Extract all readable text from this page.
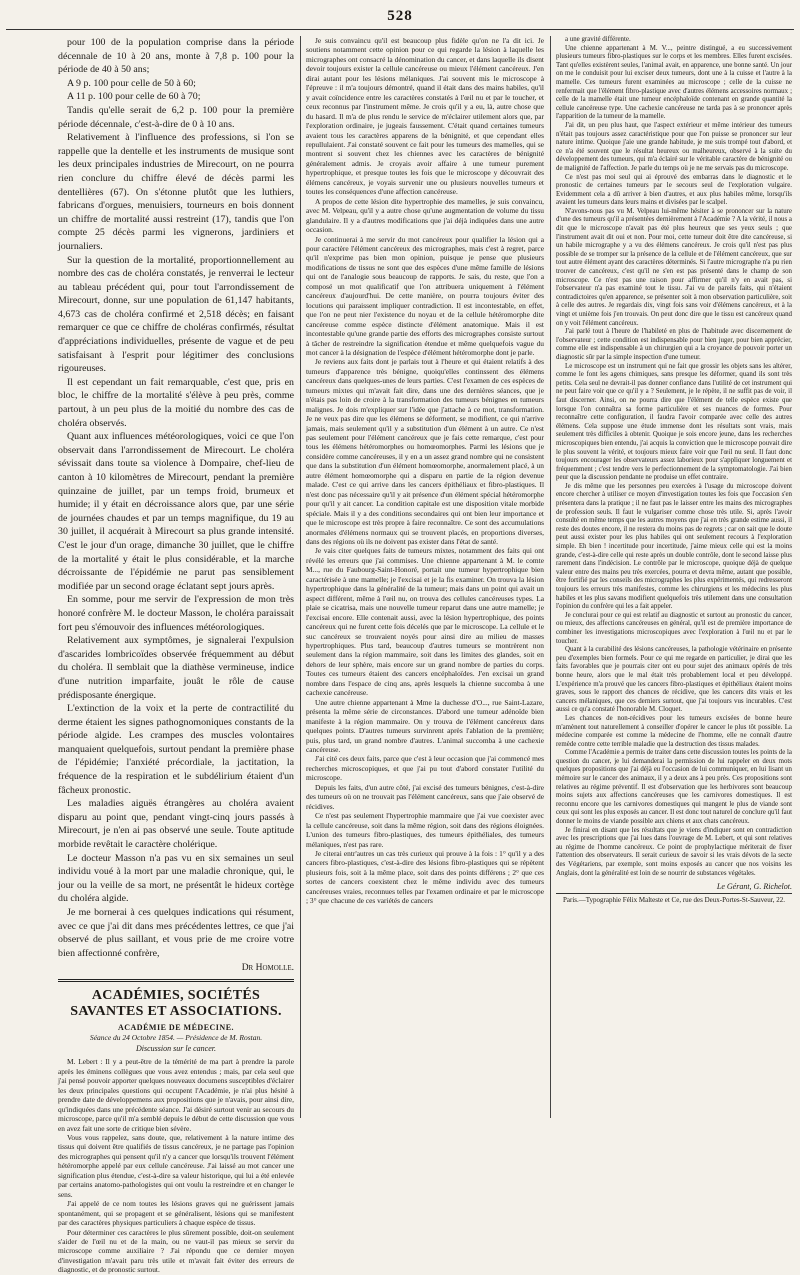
528

pour 100 de la population comprise dans la période décennale de 10 à 20 ans, monte à 7,8 p. 100 pour la période de 40 à 50 ans;

A 9 p. 100 pour celle de 50 à 60;

A 11 p. 100 pour celle de 60 à 70;

Tandis qu'elle serait de 6,2 p. 100 pour la première période décennale, c'est-à-dire de 0 à 10 ans.

Relativement à l'influence des professions, si l'on se rappelle que la dentelle et les instruments de musique sont les deux principales industries de Mirecourt, on ne pourra rien conclure du chiffre élevé de décès parmi les dentellières (67). On s'étonne plutôt que les luthiers, fabricans d'orgues, menuisiers, tourneurs en bois donnent un chiffre de mortalité aussi restreint (17), tandis que l'on compte 25 décès parmi les vignerons, jardiniers et journaliers.

Sur la question de la mortalité, proportionnellement au nombre des cas de choléra constatés, je renverrai le lecteur au tableau précédent qui, pour tout l'arrondissement de Mirecourt, donne, sur une population de 61,147 habitants, 4,673 cas de choléra confirmé et 2,518 décès; en faisant remarquer ce que ce chiffre de choléras confirmés, résultat d'appréciations individuelles, présente de vague et de peu satisfaisant à l'esprit pour légitimer des conclusions rigoureuses.

Il est cependant un fait remarquable, c'est que, pris en bloc, le chiffre de la mortalité s'élève à peu près, comme partout, à un peu plus de la moitié du nombre des cas de choléra observés.

Quant aux influences météorologiques, voici ce que l'on observait dans l'arrondissement de Mirecourt. Le choléra sévissait dans toute sa violence à Dompaire, chef-lieu de canton à 10 kilomètres de Mirecourt, pendant la première quinzaine de juillet, par un temps froid, brumeux et humide; il y était en décroissance alors que, par une série de journées chaudes et par un temps magnifique, du 19 au 30 juillet, il acquérait à Mirecourt sa plus grande intensité. C'est le jour d'un orage, dimanche 30 juillet, que le chiffre de la mortalité y était le plus considérable, et la marche décroissante de l'épidémie ne parut pas sensiblement modifiée par un second orage éclatant sept jours après.

En somme, pour me servir de l'expression de mon très honoré confrère M. le docteur Masson, le choléra paraissait fort peu s'émouvoir des influences météorologiques.

Relativement aux symptômes, je signalerai l'expulsion d'ascarides lombricoïdes observée fréquemment au début du choléra. Il semblait que la diathèse vermineuse, indice d'une nutrition imparfaite, jouât le rôle de cause prédisposante énergique.

L'extinction de la voix et la perte de contractilité du derme étaient les signes pathognomoniques constants de la période algide. Les crampes des muscles volontaires manquaient quelquefois, surtout pendant la première phase de l'épidémie; l'anxiété précordiale, la jactitation, la fréquence de la respiration et le subdélirium étaient d'un fâcheux pronostic.

Les maladies aiguës étrangères au choléra avaient disparu au point que, pendant vingt-cinq jours passés à Mirecourt, je n'en ai pas observé une seule. Toute aptitude morbide revêtait le caractère cholérique.

Le docteur Masson n'a pas vu en six semaines un seul individu voué à la mort par une maladie chronique, qui, le jour ou la veille de sa mort, ne présentât le hideux cortège du choléra algide.

Je me bornerai à ces quelques indications qui résument, avec ce que j'ai dit dans mes précédentes lettres, ce que j'ai observé de plus saillant, et vous prie de me croire votre bien affectionné confrère,

Dr Homolle.
ACADÉMIES, SOCIÉTÉS SAVANTES ET ASSOCIATIONS.
ACADÉMIE DE MÉDECINE.
Séance du 24 Octobre 1854. — Présidence de M. Rostan.
Discussion sur le cancer.

M. Lebert : Il y a peut-être de la témérité de ma part à prendre la parole après les éminens collègues que vous avez entendus ; mais, par cela seul que j'ai pensé pouvoir apporter quelques nouveaux documens susceptibles d'éclairer les deux principales questions qui occupent l'Académie, je n'ai plus hésité à prendre date de développemens aux propositions que je n'avais, pour ainsi dire, qu'indiquées dans une précédente séance. J'ai désiré surtout venir au secours du microscope, parce qu'il m'a semblé depuis le début de cette discussion que vous en avez fait une sorte de critique bien sévère.

Vous vous rappelez, sans doute, que, relativement à la nature intime des tissus qui doivent être qualifiés de tissus cancéreux, je ne partage pas l'opinion des micrographes qui pensent qu'il n'y a cancer que lorsqu'ils trouvent l'élément hétéromorphe appelé par eux cellule cancéreuse. J'ai laissé au mot cancer une signification plus étendue, c'est-à-dire sa valeur historique, qui lui a été enlevée par certains anatomo-pathologistes qui ont voulu la restreindre et en changer le sens.

J'ai appelé de ce nom toutes les lésions graves qui ne guérissent jamais spontanément, qui se propagent et se généralisent, lésions qui se manifestent par des caractères physiques particuliers à chaque espèce de tissus.

Pour déterminer ces caractères le plus sûrement possible, doit-on seulement s'aider de l'œil nu et de la main, ou ne vaut-il pas mieux se servir du microscope comme auxiliaire ? J'ai répondu que ce dernier moyen d'investigation m'avait paru très utile et m'avait fait éviter des erreurs de diagnostic, et de pronostic surtout.

Je suis convaincu qu'il est beaucoup plus fidèle qu'on ne l'a dit ici. Je soutiens notamment cette opinion pour ce qui regarde la lésion à laquelle les micrographes ont consacré la dénomination du cancer, et dans laquelle ils disent devoir toujours exister la cellule cancéreuse ou mieux l'élément cancéreux. J'en dirai autant pour les lésions mélaniques. J'ai souvent mis le microscope à l'épreuve : il m'a toujours démontré, quand il était dans des mains habiles, qu'il y avait coïncidence entre les caractères constatés à l'œil nu et par le toucher, et ceux reconnus par l'instrument même. Je crois qu'il y a eu, là, autre chose que du hasard. Il m'a de plus rendu le service de m'éclairer utilement alors que, par l'exploration ordinaire, je jugeais faussement. C'était quand certaines tumeurs avaient tous les caractères apparens de la bénignité, et que cependant elles repullulaient. J'ai constaté souvent ce fait pour les tumeurs des mamelles, qui se montrent si souvent chez les chiennes avec les caractères de bénignité généralement admis. Je croyais avoir affaire à une tumeur purement hypertrophique, et presque toutes les fois que le microscope y découvrait des élémens cancéreux, je voyais survenir une ou plusieurs nouvelles tumeurs et toutes les conséquences d'une affection cancéreuse.

A propos de cette lésion dite hypertrophie des mamelles, je suis convaincu, avec M. Velpeau, qu'il y a autre chose qu'une augmentation de volume du tissu glandulaire. Il y a d'autres modifications que j'ai déjà indiquées dans une autre occasion.

Je continuerai à me servir du mot cancéreux pour qualifier la lésion qui a pour caractère l'élément cancéreux des micrographes, mais c'est à regret, parce qu'il n'exprime pas bien mon opinion, puisque je pense que plusieurs modifications de tissus ne sont que des espèces d'une même famille de lésions qui ont de l'analogie sous beaucoup de rapports. Je sais, du reste, que l'on a composé un mot qualificatif que l'on attribuera uniquement à l'élément cancéreux d'aujourd'hui. De cette manière, on pourra toujours éviter des locutions qui paraissent impliquer contradiction. Il est incontestable, en effet, que l'on ne peut nier l'existence du noyau et de la cellule hétéromorphe dite cancéreuse comme espèce distincte d'élément anatomique. Mais il est incontestable qu'une grande partie des efforts des micrographes consiste surtout à tâcher de restreindre la signification étendue et même quelquefois vague du mot cancer à la désignation de l'espèce d'élément hétéromorphe dont je parle.

Je reviens aux faits dont je parlais tout à l'heure et qui étaient relatifs à des tumeurs d'apparence très bénigne, quoiqu'elles continssent des élémens cancéreux dans quelques-unes de leurs parties. C'est l'examen de ces espèces de tumeurs mixtes qui m'avait fait dire, dans une des dernières séances, que je n'étais pas loin de croire à la transformation des tumeurs bénignes en tumeurs malignes. Je dois m'expliquer sur l'idée que j'attache à ce mot, transformation. Je ne veux pas dire que les élémens se déforment, se modifient, ce qui n'arrive jamais, mais seulement qu'il y a substitution d'un élément à un autre. Ce n'est pas seulement pour l'élément cancéreux que je fais cette remarque, c'est pour tous les élémens hétéromorphes ou homœomorphes. Parmi les lésions que je considère comme cancéreuses, il y en a un assez grand nombre qui ne consistent que dans la substitution d'un élément homœomorphe, anormalement placé, à un autre élément homœomorphe qui a disparu en partie de la région devenue malade. C'est ce qui arrive dans les cancers épithéliaux et fibro-plastiques. Il n'est donc pas nécessaire qu'il y ait présence d'un élément spécial hétéromorphe pour qu'il y ait cancer. La condition capitale est une disposition vitale morbide spéciale. Mais il y a des conditions secondaires qui ont bien leur importance et que le microscope est très propre à faire reconnaître. Ce sont des accumulations anormales d'élémens normaux qui se trouvent placés, en proportions diverses, dans des régions où ils ne doivent pas exister dans l'état de santé.

Je vais citer quelques faits de tumeurs mixtes, notamment des faits qui ont révélé les erreurs que j'ai commises. Une chienne appartenant à M. le comte M..., rue du Faubourg-Saint-Honoré, portait une tumeur hypertrophique bien caractérisée à une mamelle; je l'excisai et je la fis examiner. On trouva la lésion hypertrophique dans la généralité de la tumeur; mais dans un point qui avait un aspect différent, même à l'œil nu, on trouva des cellules cancéreuses types. La plaie se cicatrisa, mais une nouvelle tumeur reparut dans une autre mamelle; je l'excisai encore. Elle contenait aussi, avec la lésion hypertrophique, des points cancéreux qui ne furent cette fois décelés que par le microscope. La cellule et le suc cancéreux se trouvaient noyés pour ainsi dire au milieu de masses hypertrophiques. Plus tard, beaucoup d'autres tumeurs se montrèrent non seulement dans la région mammaire, soit dans les limites des glandes, soit en dehors de leur sphère, mais encore sur un grand nombre de parties du corps. Toutes ces tumeurs étaient des cancers encéphaloïdes. J'en excisai un grand nombre dans l'espace de cinq ans, après lesquels la chienne succomba à une cachexie cancéreuse.

Une autre chienne appartenant à Mme la duchesse d'O..., rue Saint-Lazare, présenta la même série de circonstances. D'abord une tumeur adénoïde bien manifeste à la région mammaire. On y trouva de l'élément cancéreux dans quelques points. D'autres tumeurs survinrent après l'ablation de la première; puis, plus tard, un grand nombre d'autres. L'animal succomba à une cachexie cancéreuse.

J'ai cité ces deux faits, parce que c'est à leur occasion que j'ai commencé mes recherches microscopiques, et que j'ai pu tout d'abord constater l'utilité du microscope.

Depuis les faits, d'un autre côté, j'ai excisé des tumeurs bénignes, c'est-à-dire des tumeurs où on ne trouvait pas l'élément cancéreux, sans que j'aie observé de récidives.

Ce n'est pas seulement l'hypertrophie mammaire que j'ai vue coexister avec la cellule cancéreuse, soit dans la même région, soit dans des régions éloignées. L'union des tumeurs fibro-plastiques, des tumeurs épithéliales, des tumeurs mélaniques, n'est pas rare.

Je citerai entr'autres un cas très curieux qui prouve à la fois : 1° qu'il y a des cancers fibro-plastiques, c'est-à-dire des lésions fibro-plastiques qui se répètent plusieurs fois, soit à la même place, soit dans des points différens ; 2° que ces sortes de cancers coexistent chez le même individu avec des tumeurs cancéreuses vraies, reconnues telles par l'examen ordinaire et par le microscope ; 3° que chacune de ces variétés de cancers

a une gravité différente.

Une chienne appartenant à M. V..., peintre distingué, a eu successivement plusieurs tumeurs fibro-plastiques sur le corps et les membres. Elles furent excisées. Tant qu'elles existèrent seules, l'animal avait, en apparence, une bonne santé. Un jour on me le conduisit pour lui exciser deux tumeurs, dont une à la cuisse et l'autre à la mamelle. Ces tumeurs furent examinées au microscope ; celle de la cuisse ne renfermait que l'élément fibro-plastique avec d'autres élémens accessoires normaux ; celle de la mamelle était une tumeur encéphaloïde contenant en grande quantité la cellule cancéreuse type. Une cachexie cancéreuse ne tarda pas à se prononcer après l'apparition de la tumeur de la mamelle.

J'ai dit, un peu plus haut, que l'aspect extérieur et même intérieur des tumeurs n'était pas toujours assez caractéristique pour que l'on puisse se prononcer sur leur nature intime. Quoique j'aie une grande habitude, je me suis trompé tout d'abord, et ce n'a été souvent que le résultat heureux ou malheureux, observé à la suite du développement des tumeurs, qui m'a éclairé sur le véritable caractère de bénignité ou de malignité de l'affection. Je parle du temps où je ne me servais pas du microscope.

Ce n'est pas moi seul qui ai éprouvé des embarras dans le diagnostic et le pronostic de certaines tumeurs par le secours seul de l'exploration vulgaire. Evidemment cela a dû arriver à bien d'autres, et aux plus habiles même, lorsqu'ils avaient les tumeurs dans leurs mains et divisées par le scalpel.

N'avons-nous pas vu M. Velpeau lui-même hésiter à se prononcer sur la nature d'une des tumeurs qu'il a présentées dernièrement à l'Académie ? A la vérité, il nous a dit que le microscope n'avait pas été plus heureux que ses yeux seuls ; que l'instrument avait dit oui et non. Pour moi, cette tumeur doit être dite cancéreuse, si un habile micrographe y a vu des élémens cancéreux. Je crois qu'il n'est pas plus possible de se tromper sur la présence de la cellule et de l'élément cancéreux, que sur tout autre élément ayant des caractères déterminés. Si l'autre micrographe n'a pu rien trouver de cancéreux, c'est qu'il ne s'en est pas présenté dans le champ de son microscope. Ce n'est pas une raison pour affirmer qu'il n'y en avait pas, si l'observateur n'a pas examiné tout le tissu. J'ai vu de pareils faits, qui n'étaient contradictoires qu'en apparence, se présenter soit à mon observation particulière, soit à celle des autres. Je regardais dix, vingt fois sans voir d'élémens cancéreux, et à la vingt et unième fois j'en trouvais. On peut donc dire que le tissu est cancéreux quand on y voit l'élément cancéreux.

J'ai parlé tout à l'heure de l'habileté en plus de l'habitude avec discernement de l'observateur ; cette condition est indispensable pour bien juger, pour bien apprécier, comme elle est indispensable à un chirurgien qui a la croyance de pouvoir porter un diagnostic sûr par la simple inspection d'une tumeur.

Le microscope est un instrument qui ne fait que grossir les objets sans les altérer, comme le font les agens chimiques, sans presque les déformer, quand ils sont très petits. Cela seul ne devrait-il pas donner confiance dans l'utilité de cet instrument qui ne peut faire voir que ce qu'il y a ? Seulement, je le répète, il ne suffit pas de voir, il faut discerner. Ainsi, on ne pourra dire que l'élément de telle espèce existe que lorsque l'on connaîtra sa forme particulière et ses nuances de formes. Pour reconnaître cette configuration, il faudra l'avoir comparée avec celle des autres élémens. Cela suppose une étude immense dont les résultats sont vrais, mais seulement très difficiles à obtenir. Quoique je sois encore jeune, dans les recherches microscopiques bien entendu, j'ai acquis la conviction que le microscope pouvait dire le plus souvent la vérité, et toujours mieux faire voir que l'œil nu seul. Il faut donc toujours encourager les observateurs assez laborieux pour s'appliquer longuement et fréquemment ; c'est tendre vers le perfectionnement de la symptomatologie. J'ai bien peur que la discussion pendante ne produise un effet contraire.

Je dis même que les personnes peu exercées à l'usage du microscope doivent encore chercher à utiliser ce moyen d'investigation toutes les fois que l'occasion s'en présentera dans la pratique ; il ne faut pas le laisser entre les mains des micrographes de profession seuls. Il faut le vulgariser comme chose très utile. Si, après l'avoir consulté en même temps que les autres moyens que j'ai en très grande estime aussi, il reste des doutes encore, il ne restera du moins pas de regrets ; car on sait que le doute peut aussi exister pour les plus habiles qui ont seulement recours à l'exploration simple. Eh bien ! incertitude pour incertitude, j'aime mieux celle qui est la moins grande, c'est-à-dire celle qui reste après un double contrôle, dont le second laisse plus rarement dans l'indécision. Le contrôle par le microscope, quoique déjà de quelque valeur entre des mains peu très exercées, pourra et devra même, autant que possible, être fortifié par les conseils des micrographes les plus expérimentés, qui redresseront toujours les erreurs très manifestes, comme les chirurgiens et les médecins les plus habiles et les plus savans modifient quelquefois très utilement dans une consultation l'opinion du confrère qui les a fait appeler.

Je conclurai pour ce qui est relatif au diagnostic et surtout au pronostic du cancer, ou mieux, des affections cancéreuses en général, qu'il est de première importance de combiner les investigations microscopiques avec l'exploration à l'œil nu et par le toucher.

Quant à la curabilité des lésions cancéreuses, la pathologie vétérinaire en présente peu d'exemples bien formels. Pour ce qui me regarde en particulier, je dirai que les faits favorables que je pourrais citer ont eu pour sujet des animaux opérés de très bonne heure, alors que le mal était très probablement local et peu développé. L'expérience m'a prouvé que les cancers fibro-plastiques et épithéliaux étaient moins graves, sous le rapport des chances de récidive, que les cancers dits vrais et les cancers mélaniques, que ces derniers surtout, que j'ai toujours vus incurables. C'est aussi ce qu'a constaté l'honorable M. Cloquet.

Les chances de non-récidives pour les tumeurs excisées de bonne heure m'amènent tout naturellement à conseiller d'opérer le cancer le plus tôt possible. La médecine comparée est comme la médecine de l'homme, elle ne connaît d'autre remède contre cette terrible maladie que la destruction des tissus malades.

Comme l'Académie a permis de traiter dans cette discussion toutes les points de la question du cancer, je lui demanderai la permission de lui rappeler en deux mots quelques propositions que j'ai déjà eu l'occasion de lui communiquer, en lui lisant un mémoire sur le cancer des animaux, il y a deux ans à peu près. Ces propositions sont relatives au régime préventif. Il est d'observation que les herbivores sont beaucoup moins sujets aux affections cancéreuses que les carnivores domestiques. Il est reconnu encore que les carnivores domestiques qui mangent le plus de viande sont ceux qui sont les plus exposés au cancer. Il est donc tout naturel de conclure qu'il faut donner le moins de viande possible aux chiens et aux chats cancéreux.

Je finirai en disant que les résultats que je viens d'indiquer sont en contradiction avec les prescriptions que j'ai lues dans l'ouvrage de M. Lebert, et qui sont relatives au régime de l'homme cancéreux. Ce point de prophylactique mériterait de fixer l'attention des observateurs. Il serait curieux de savoir si les vrais dévots de la secte des Végétariens, par exemple, sont moins exposés au cancer que nos voisins les Anglais, dont la généralité est loin de se nourrir de substances végétales.

Le Gérant, G. Richelot.
Paris.—Typographie Félix Malteste et Ce, rue des Deux-Portes-St-Sauveur, 22.
